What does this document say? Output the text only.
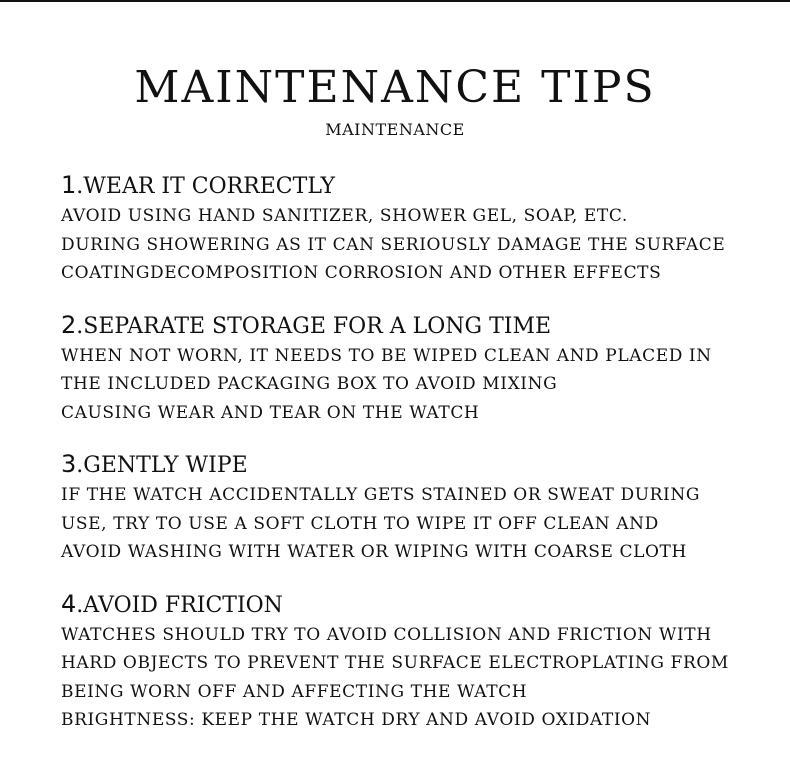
MAINTENANCE TIPS
MAINTENANCE
1.WEAR IT CORRECTLY
AVOID USING HAND SANITIZER, SHOWER GEL, SOAP, ETC.
DURING SHOWERING AS IT CAN SERIOUSLY DAMAGE THE SURFACE
COATINGDECOMPOSITION CORROSION AND OTHER EFFECTS
2.SEPARATE STORAGE FOR A LONG TIME
WHEN NOT WORN, IT NEEDS TO BE WIPED CLEAN AND PLACED IN
THE INCLUDED PACKAGING BOX TO AVOID MIXING
CAUSING WEAR AND TEAR ON THE WATCH
3.GENTLY WIPE
IF THE WATCH ACCIDENTALLY GETS STAINED OR SWEAT DURING
USE, TRY TO USE A SOFT CLOTH TO WIPE IT OFF CLEAN AND
AVOID WASHING WITH WATER OR WIPING WITH COARSE CLOTH
4.AVOID FRICTION
WATCHES SHOULD TRY TO AVOID COLLISION AND FRICTION WITH
HARD OBJECTS TO PREVENT THE SURFACE ELECTROPLATING FROM
BEING WORN OFF AND AFFECTING THE WATCH
BRIGHTNESS: KEEP THE WATCH DRY AND AVOID OXIDATION
